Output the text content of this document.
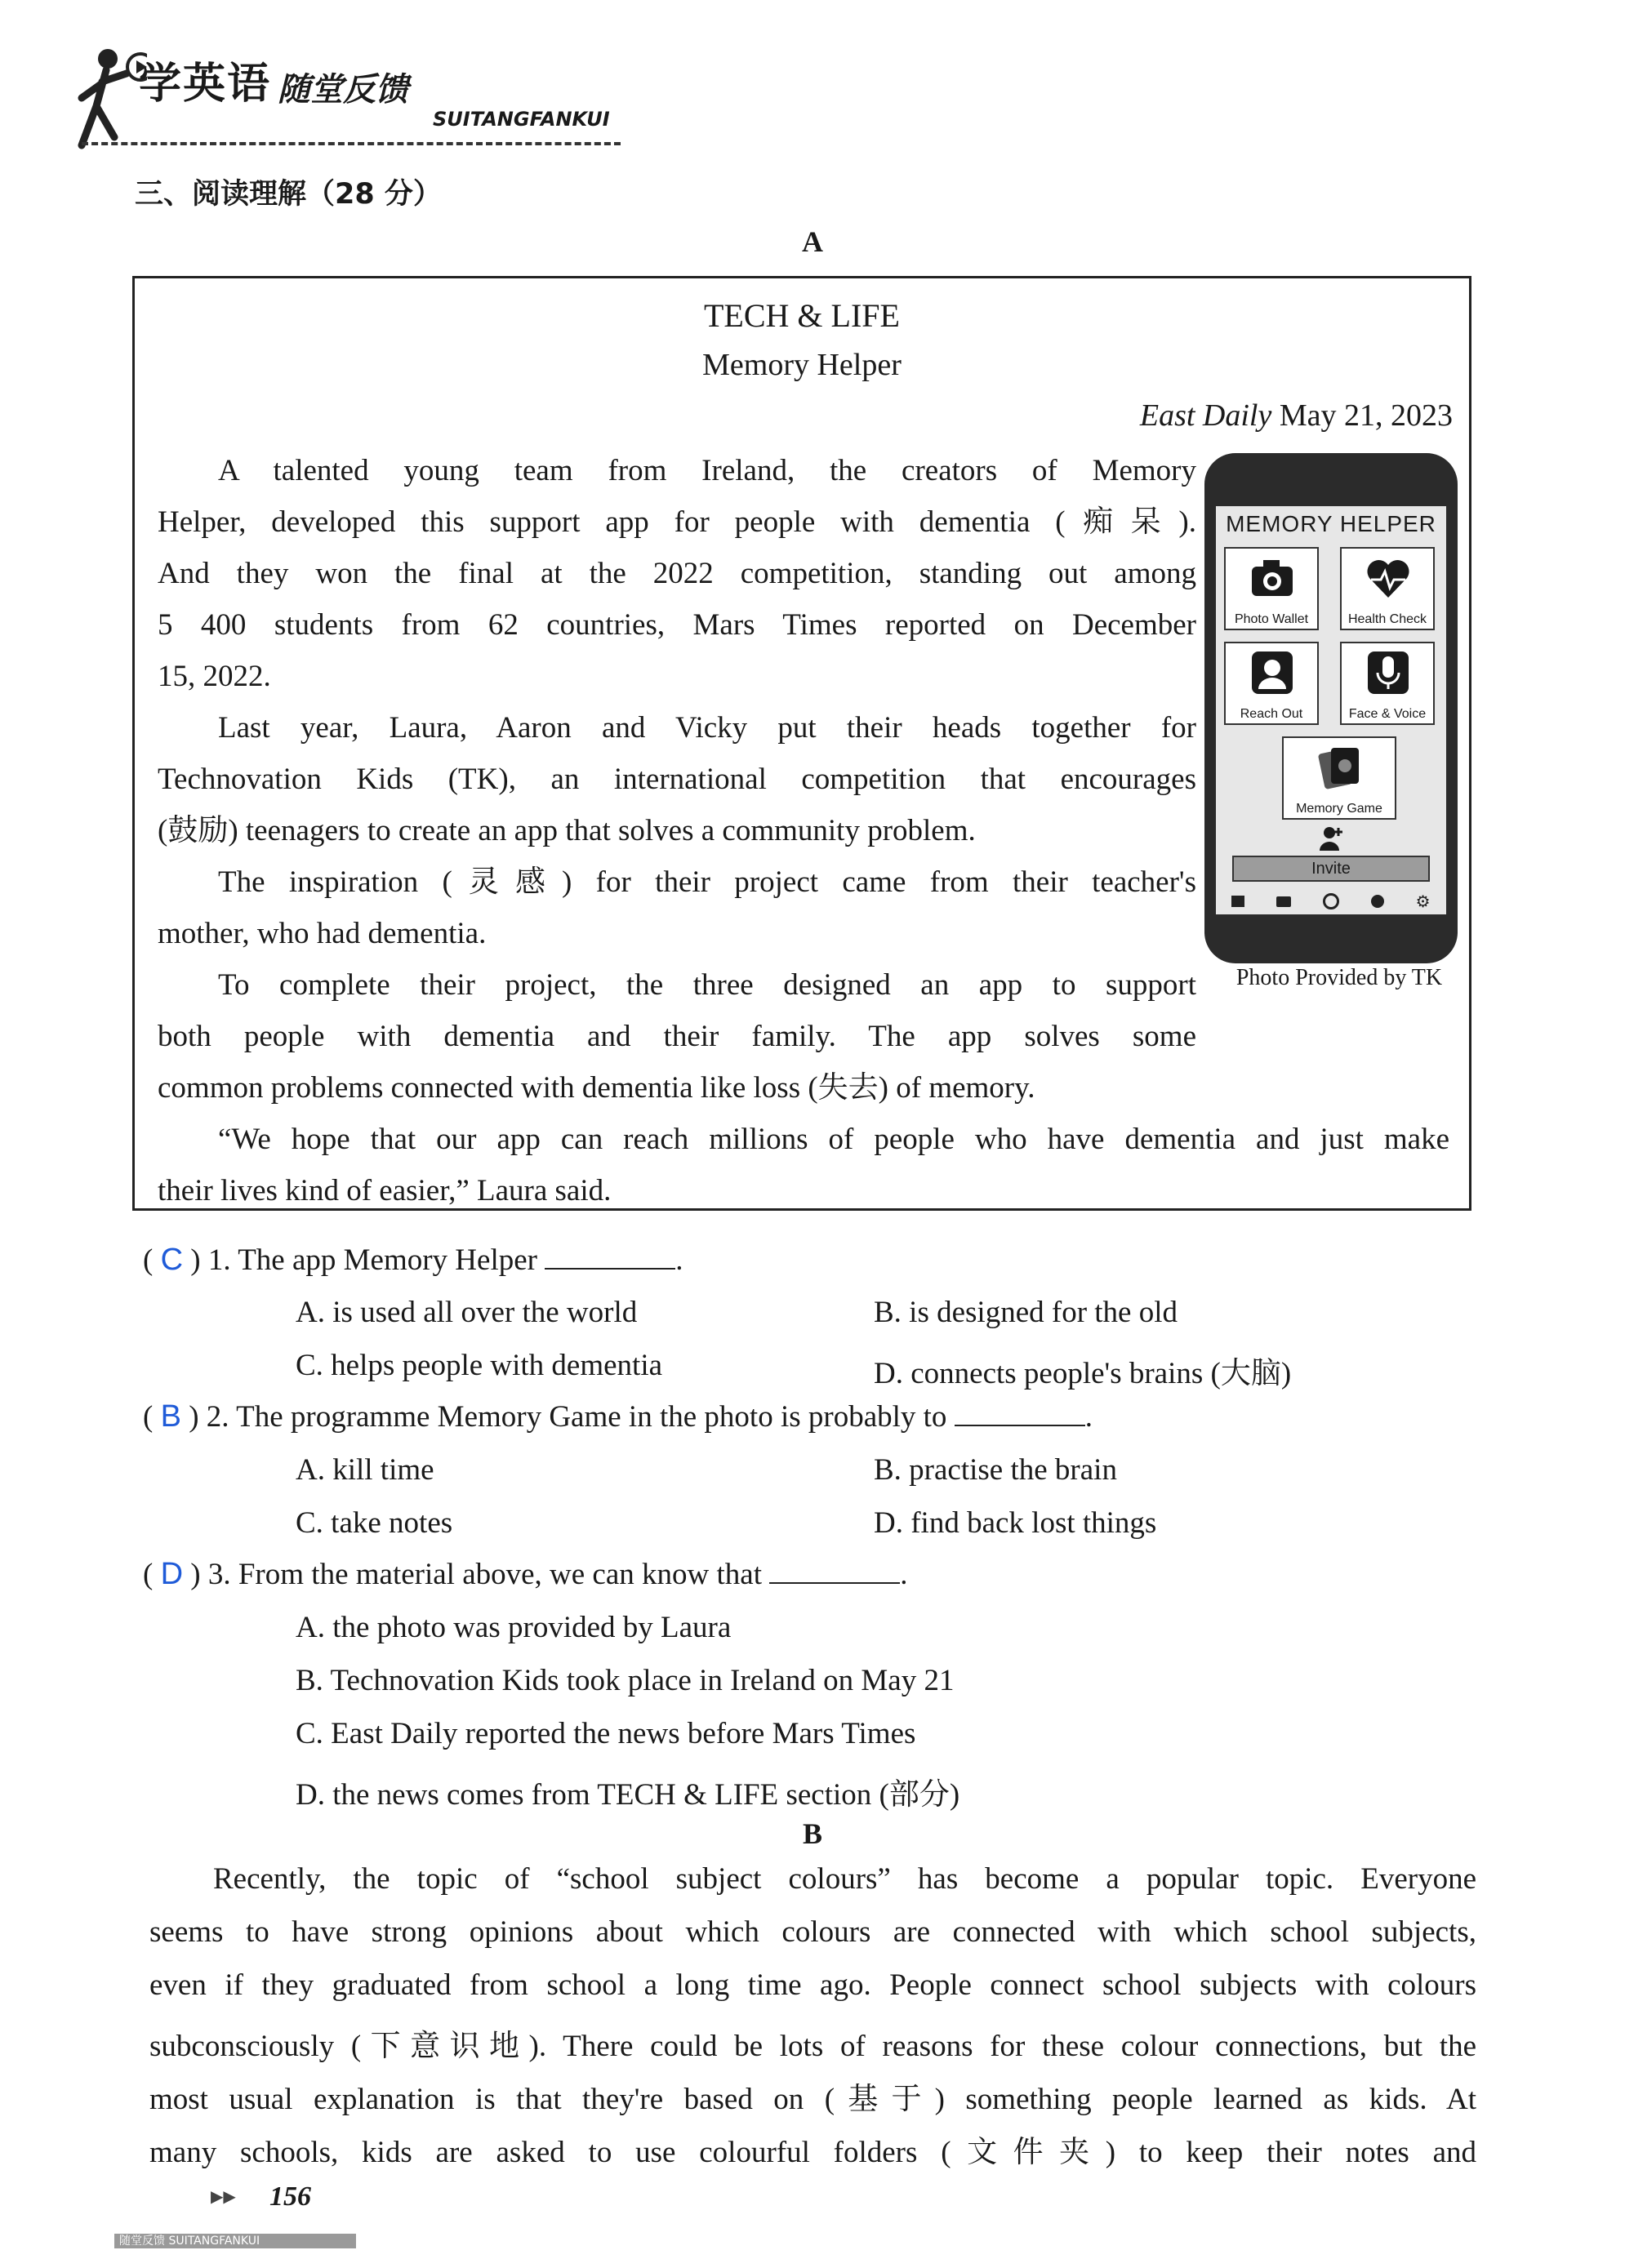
学英语 随堂反馈
SUITANGFANKUI
三、阅读理解（28 分）
A
TECH & LIFE
Memory Helper
East Daily May 21, 2023
A talented young team from Ireland, the creators of Memory
Helper, developed this support app for people with dementia (痴呆).
And they won the final at the 2022 competition, standing out among
5 400 students from 62 countries, Mars Times reported on December
15, 2022.
Last year, Laura, Aaron and Vicky put their heads together for
Technovation Kids (TK), an international competition that encourages
(鼓励) teenagers to create an app that solves a community problem.
The inspiration (灵感) for their project came from their teacher's
mother, who had dementia.
To complete their project, the three designed an app to support
both people with dementia and their family. The app solves some
common problems connected with dementia like loss (失去) of memory.
“We hope that our app can reach millions of people who have dementia and just make
their lives kind of easier,” Laura said.
MEMORY HELPER
Photo Wallet	Health Check
Reach Out	Face & Voice
Memory Game
Invite
⚙
Photo Provided by TK
( C ) 1. The app Memory Helper	.
A. is used all over the world	B. is designed for the old
C. helps people with dementia	D. connects people's brains (大脑)
( B ) 2. The programme Memory Game in the photo is probably to	.
A. kill time	B. practise the brain
C. take notes	D. find back lost things
( D ) 3. From the material above, we can know that	.
A. the photo was provided by Laura
B. Technovation Kids took place in Ireland on May 21
C. East Daily reported the news before Mars Times
D. the news comes from TECH & LIFE section (部分)
B
Recently, the topic of “school subject colours” has become a popular topic. Everyone
seems to have strong opinions about which colours are connected with which school subjects,
even if they graduated from school a long time ago. People connect school subjects with colours
subconsciously (下意识地). There could be lots of reasons for these colour connections, but the
most usual explanation is that they're based on (基于) something people learned as kids. At
many schools, kids are asked to use colourful folders (文件夹) to keep their notes and
▶▶ 156
随堂反馈 SUITANGFANKUI
